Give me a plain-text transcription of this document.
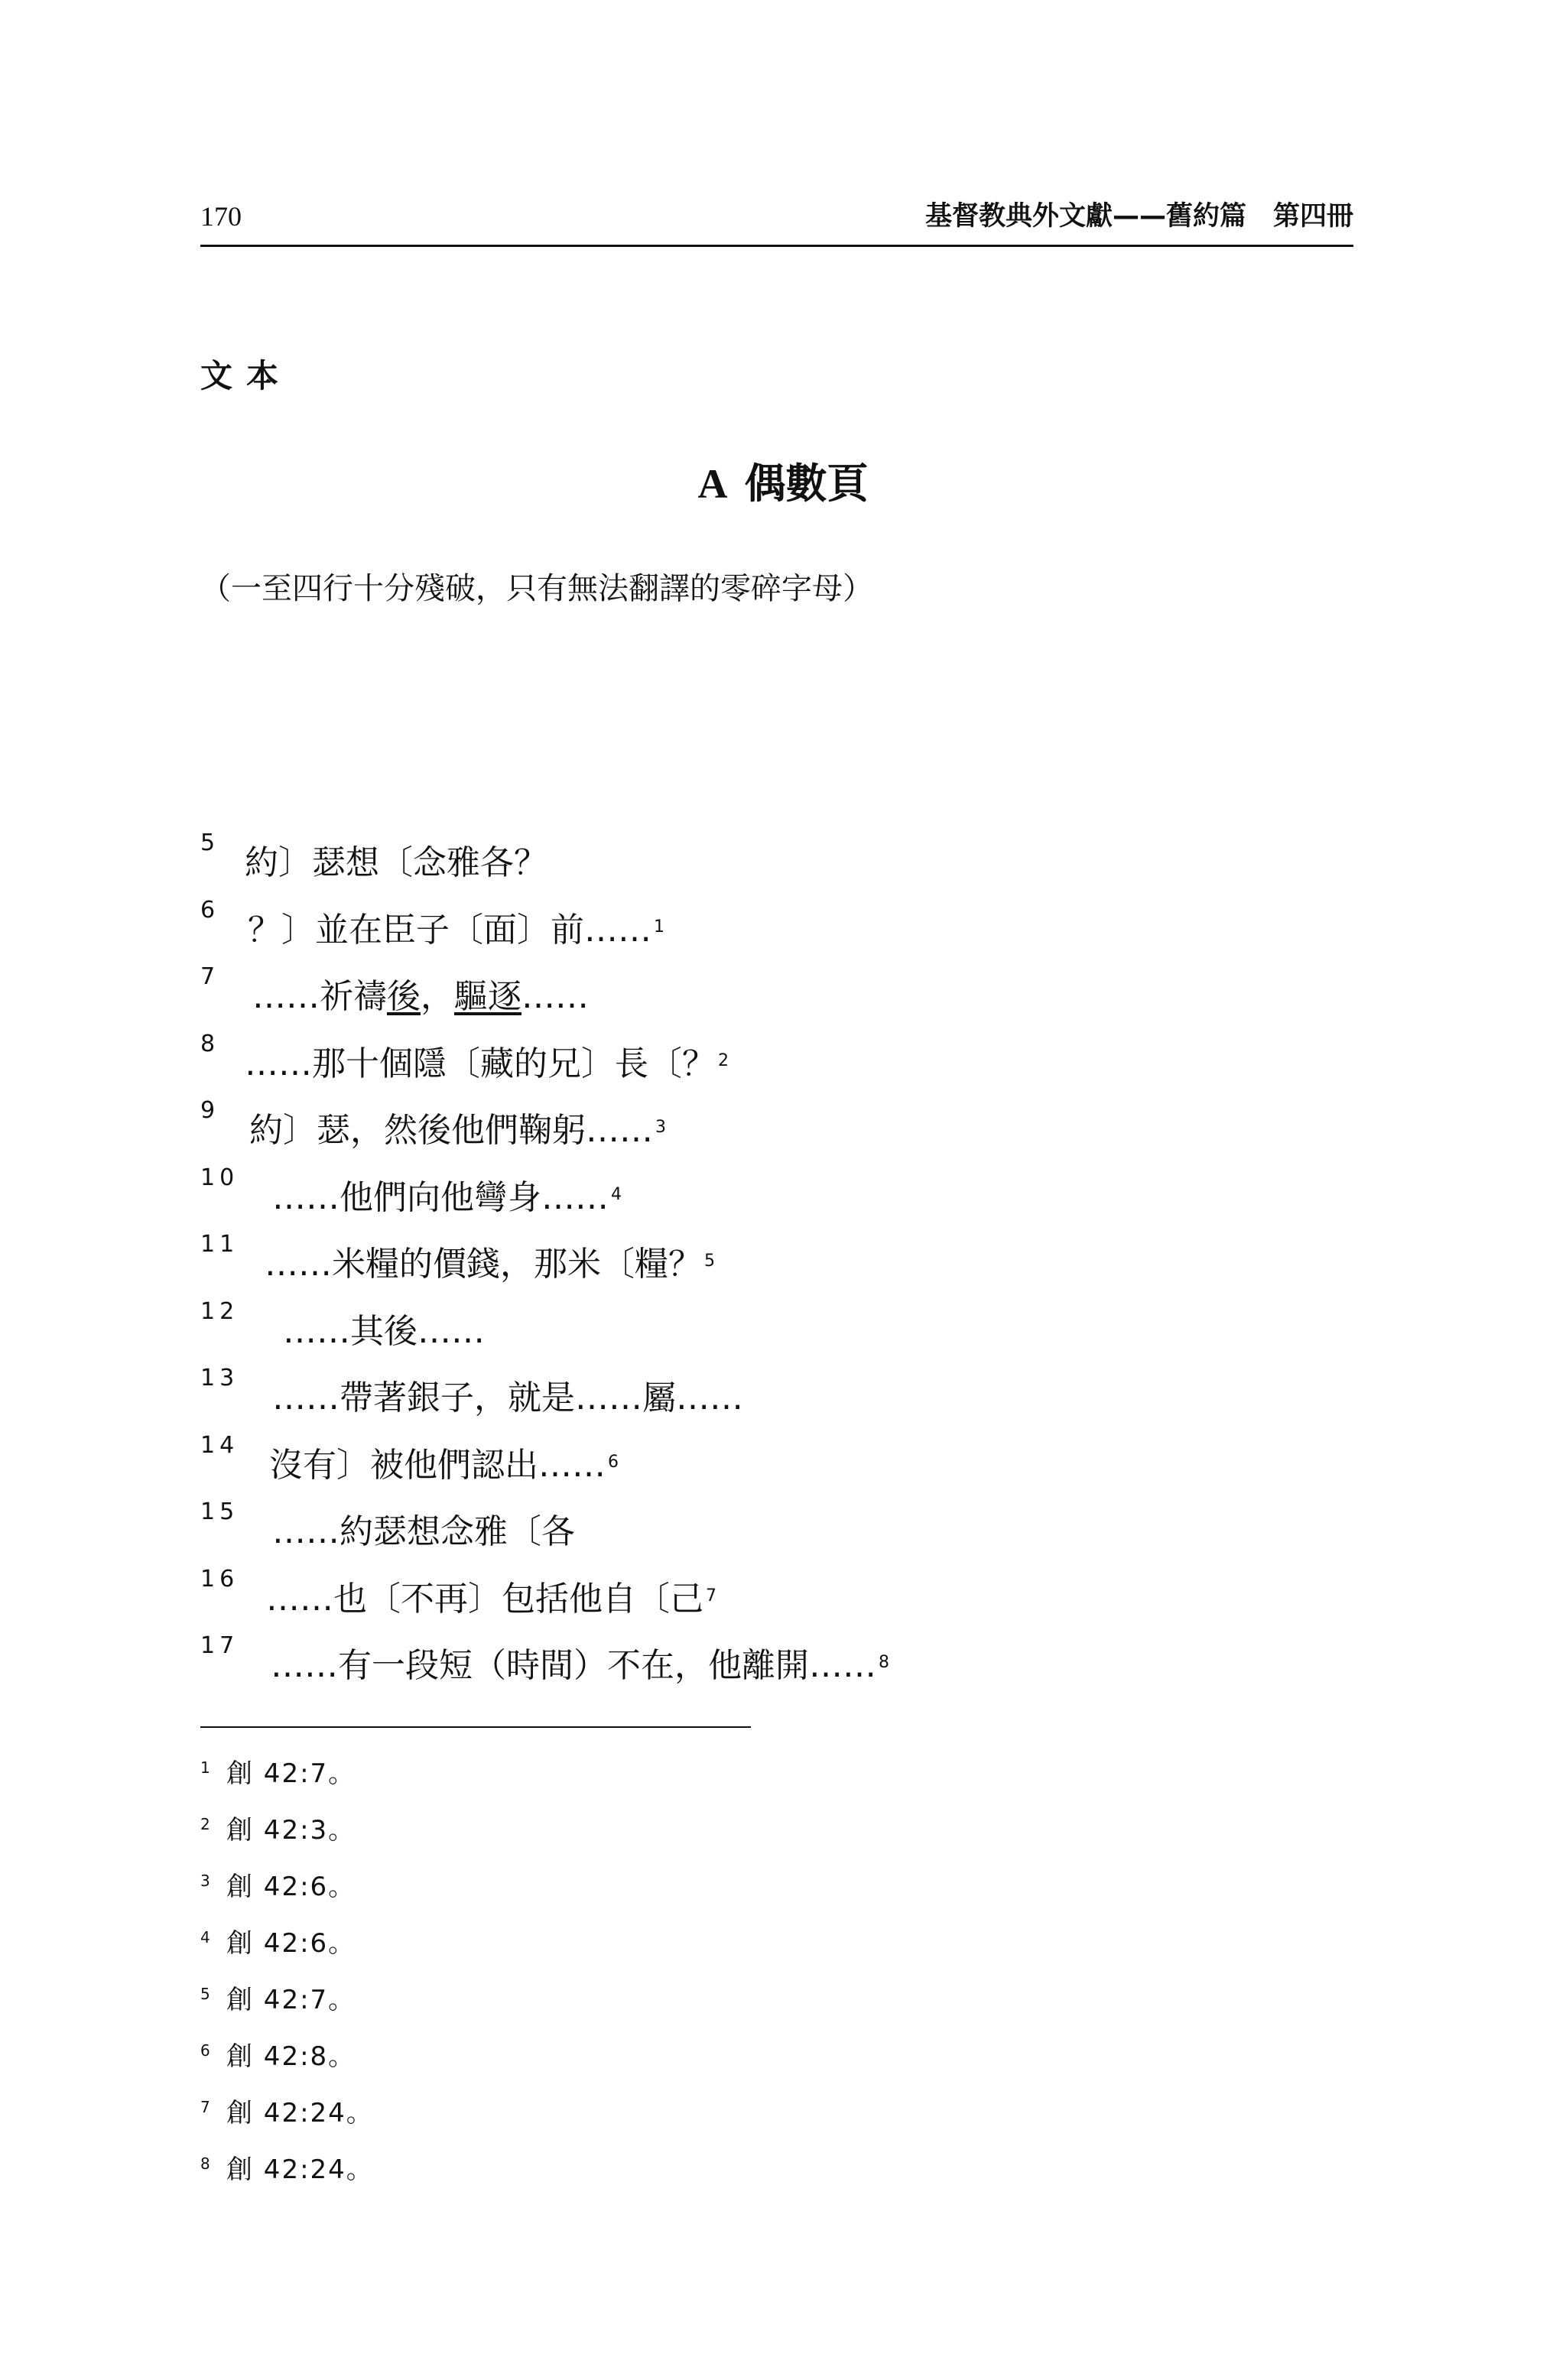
170	基督教典外文獻——舊約篇　第四冊
文本
A 偶數頁
（一至四行十分殘破，只有無法翻譯的零碎字母）
5
約〕瑟想〔念雅各？
6
？〕並在臣子〔面〕前…… $^1$
7
……祈禱後，驅逐……
8
……那十個隱〔藏的兄〕長〔？ $^2$
9
約〕瑟，然後他們鞠躬…… $^3$
10
……他們向他彎身…… $^4$
11
……米糧的價錢，那米〔糧？ $^5$
12
……其後……
13
……帶著銀子，就是……屬……
14
沒有〕被他們認出…… $^6$
15
……約瑟想念雅〔各
16
……也〔不再〕包括他自〔己 $^7$
17
……有一段短（時間）不在，他離開…… $^8$
1 創 42:7。
2 創 42:3。
3 創 42:6。
4 創 42:6。
5 創 42:7。
6 創 42:8。
7 創 42:24。
8 創 42:24。
